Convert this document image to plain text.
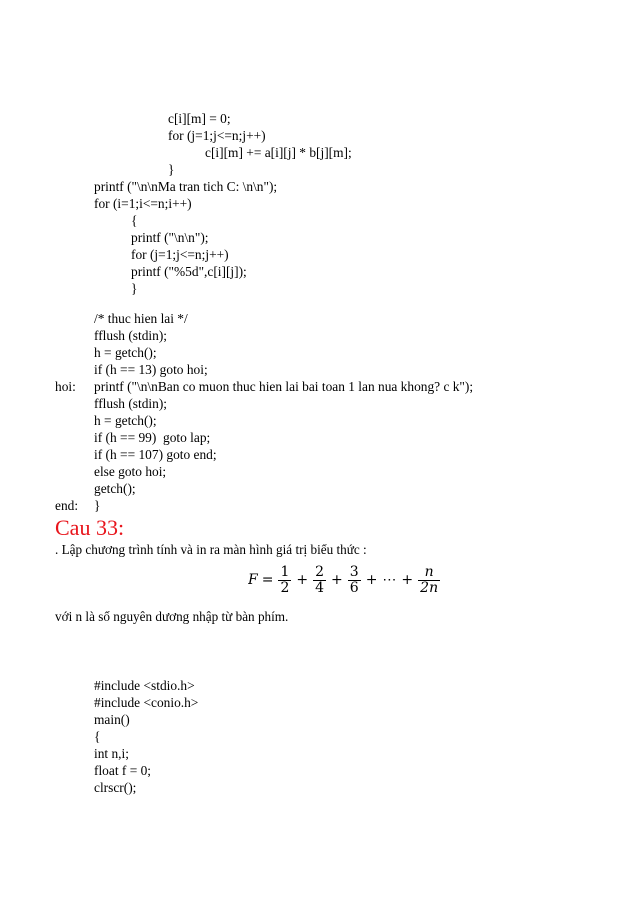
c[i][m] = 0;
for (j=1;j<=n;j++)
c[i][m] += a[i][j] * b[j][m];
}
printf ("\n\nMa tran tich C: \n\n");
for (i=1;i<=n;i++)
{
printf ("\n\n");
for (j=1;j<=n;j++)
printf ("%5d",c[i][j]);
}
/* thuc hien lai */
fflush (stdin);
h = getch();
if (h == 13) goto hoi;
printf ("\n\nBan co muon thuc hien lai bai toan 1 lan nua khong? c k");
hoi:
fflush (stdin);
h = getch();
if (h == 99)  goto lap;
if (h == 107) goto end;
else goto hoi;
getch();
}
end:
Cau 33:
. Lập chương trình tính và in ra màn hình giá trị biểu thức :
$F = \frac{1}{2} + \frac{2}{4} + \frac{3}{6}$ + ⋯ + $\frac{n}{2n}$
với n là số nguyên dương nhập từ bàn phím.
#include <stdio.h>
#include <conio.h>
main()
{
int n,i;
float f = 0;
clrscr();
